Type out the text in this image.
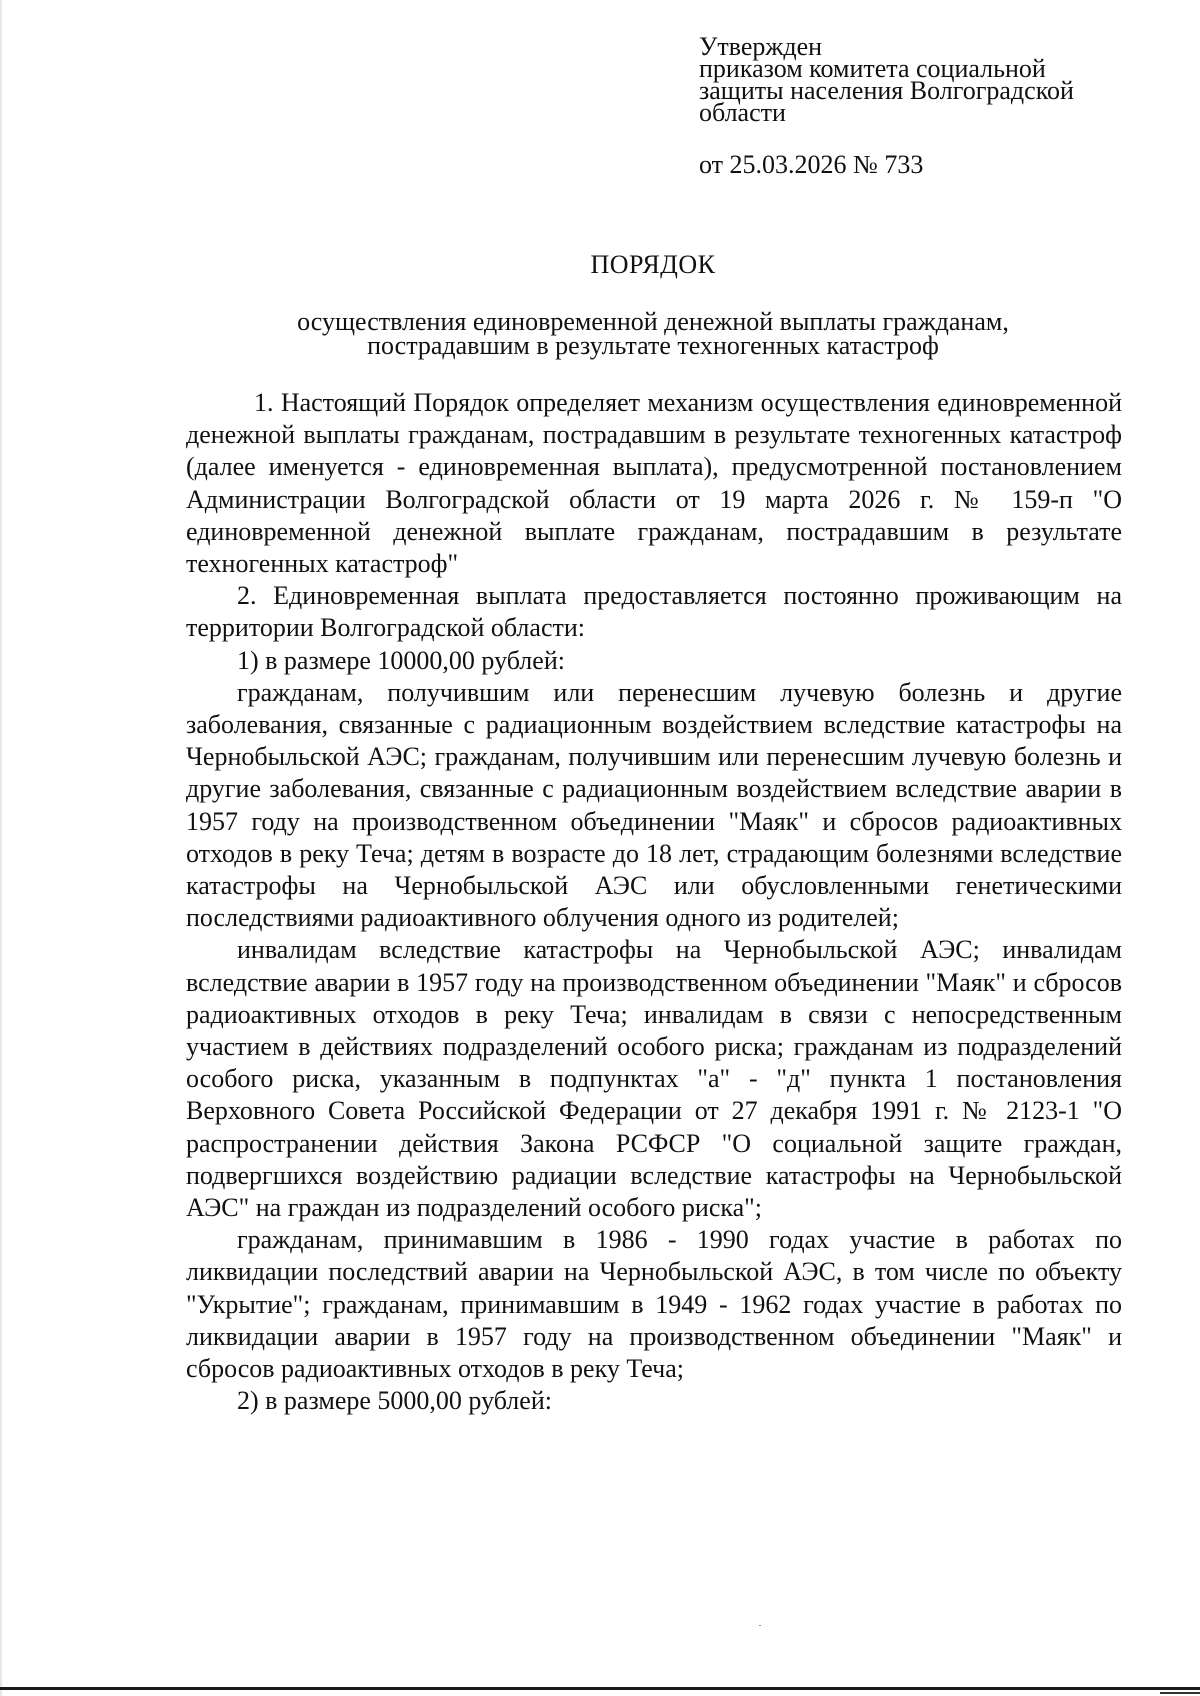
Утвержден
приказом комитета социальной
защиты населения Волгоградской
области
от 25.03.2026 № 733
ПОРЯДОК
осуществления единовременной денежной выплаты гражданам,
пострадавшим в результате техногенных катастроф

1. Настоящий Порядок определяет механизм осуществления единовременной денежной выплаты гражданам, пострадавшим в результате техногенных катастроф (далее именуется - единовременная выплата), предусмотренной постановлением Администрации Волгоградской области от 19 марта 2026 г. № 159-п "О единовременной денежной выплате гражданам, пострадавшим в результате техногенных катастроф"

2. Единовременная выплата предоставляется постоянно проживающим на территории Волгоградской области:

1) в размере 10000,00 рублей:

гражданам, получившим или перенесшим лучевую болезнь и другие заболевания, связанные с радиационным воздействием вследствие катастрофы на Чернобыльской АЭС; гражданам, получившим или перенесшим лучевую болезнь и другие заболевания, связанные с радиационным воздействием вследствие аварии в 1957 году на производственном объединении "Маяк" и сбросов радиоактивных отходов в реку Теча; детям в возрасте до 18 лет, страдающим болезнями вследствие катастрофы на Чернобыльской АЭС или обусловленными генетическими последствиями радиоактивного облучения одного из родителей;

инвалидам вследствие катастрофы на Чернобыльской АЭС; инвалидам вследствие аварии в 1957 году на производственном объединении "Маяк" и сбросов радиоактивных отходов в реку Теча; инвалидам в связи с непосредственным участием в действиях подразделений особого риска; гражданам из подразделений особого риска, указанным в подпунктах "а" - "д" пункта 1 постановления Верховного Совета Российской Федерации от 27 декабря 1991 г. № 2123-1 "О распространении действия Закона РСФСР "О социальной защите граждан, подвергшихся воздействию радиации вследствие катастрофы на Чернобыльской АЭС" на граждан из подразделений особого риска";

гражданам, принимавшим в 1986 - 1990 годах участие в работах по ликвидации последствий аварии на Чернобыльской АЭС, в том числе по объекту "Укрытие"; гражданам, принимавшим в 1949 - 1962 годах участие в работах по ликвидации аварии в 1957 году на производственном объединении "Маяк" и сбросов радиоактивных отходов в реку Теча;

2) в размере 5000,00 рублей:
